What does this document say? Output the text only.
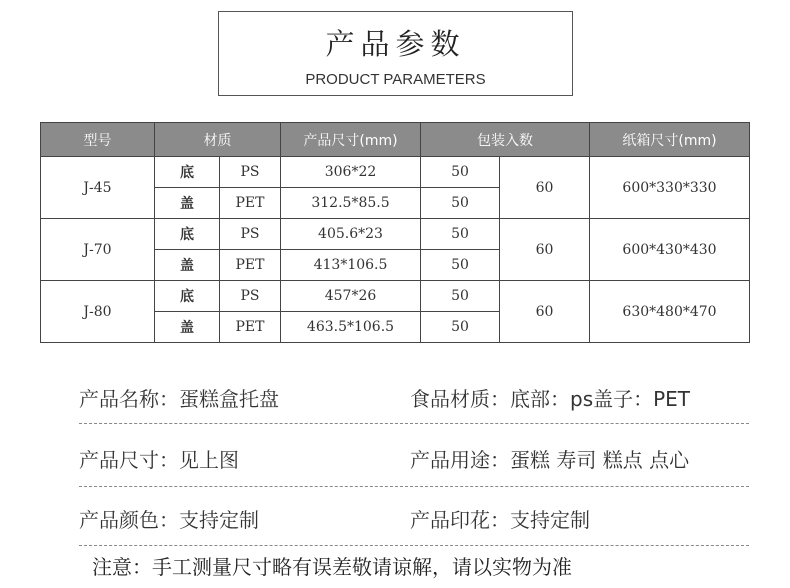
产品参数
PRODUCT PARAMETERS
型号	材质		产品尺寸(mm)	包装入数		纸箱尺寸(mm)
J-45	底	PS	306*22	50	60	600*330*330
	盖	PET	312.5*85.5	50		
J-70	底	PS	405.6*23	50	60	600*430*430
	盖	PET	413*106.5	50		
J-80	底	PS	457*26	50	60	630*480*470
	盖	PET	463.5*106.5	50		
产品名称：蛋糕盒托盘	食品材质：底部：ps盖子：PET
产品尺寸：见上图	产品用途：蛋糕 寿司 糕点 点心
产品颜色：支持定制	产品印花：支持定制
注意：手工测量尺寸略有误差敬请谅解，请以实物为准
